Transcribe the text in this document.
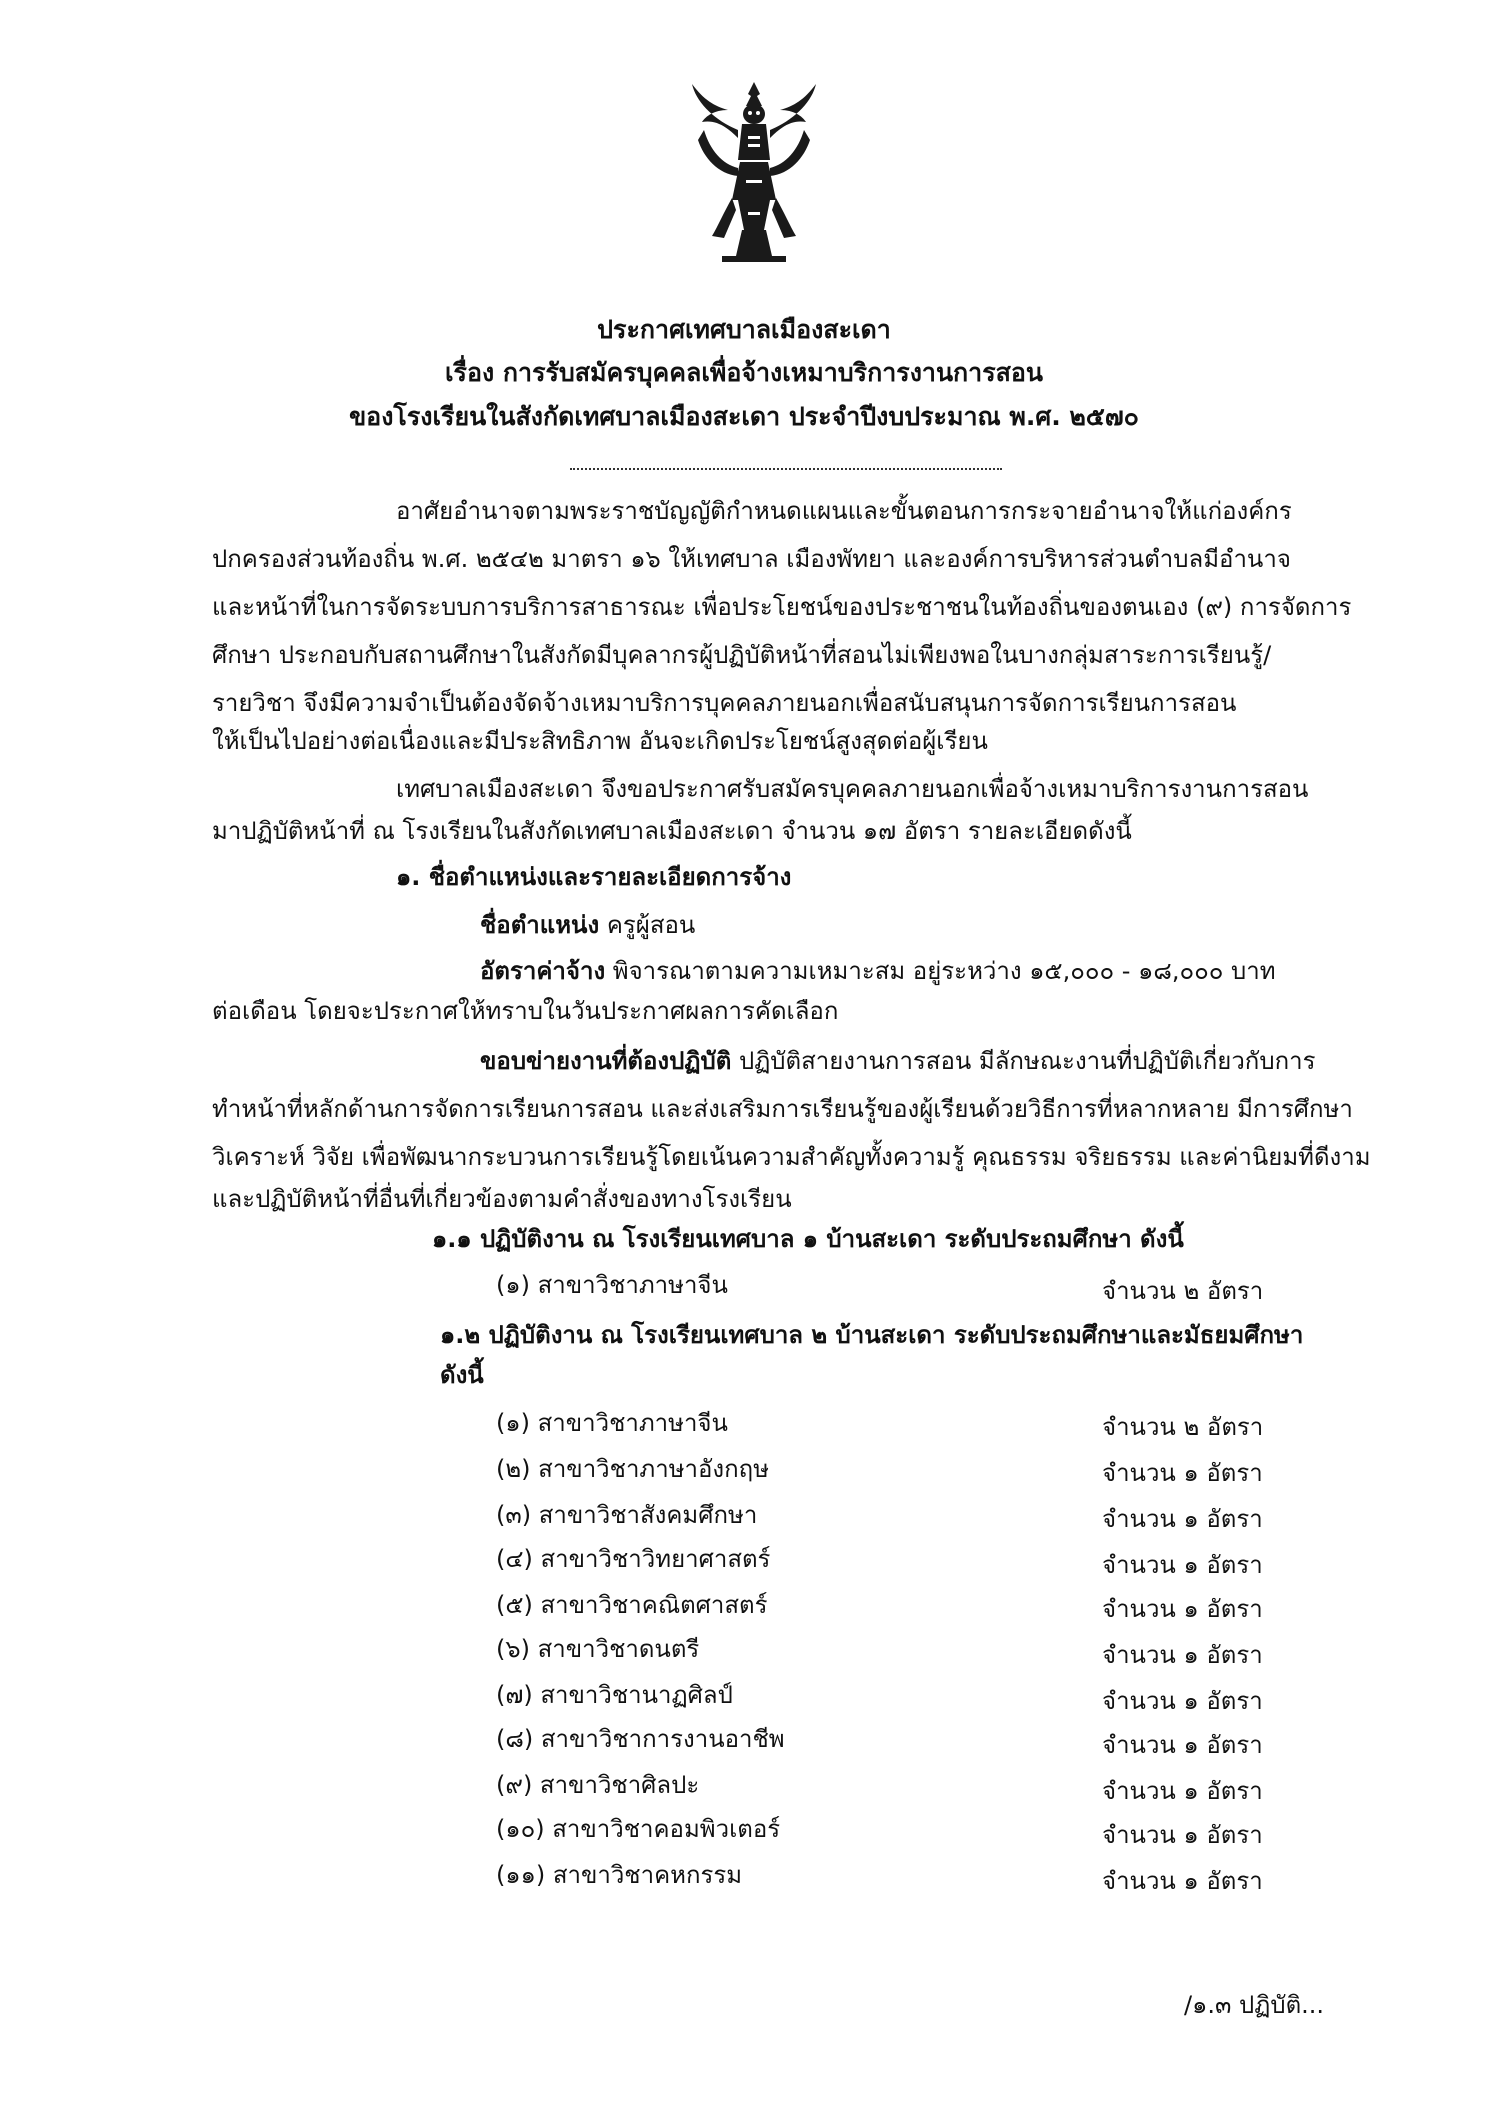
ประกาศเทศบาลเมืองสะเดา
เรื่อง การรับสมัครบุคคลเพื่อจ้างเหมาบริการงานการสอน
ของโรงเรียนในสังกัดเทศบาลเมืองสะเดา ประจำปีงบประมาณ พ.ศ. ๒๕๗๐
อาศัยอำนาจตามพระราชบัญญัติกำหนดแผนและขั้นตอนการกระจายอำนาจให้แก่องค์กร
ปกครองส่วนท้องถิ่น พ.ศ. ๒๕๔๒ มาตรา ๑๖ ให้เทศบาล เมืองพัทยา และองค์การบริหารส่วนตำบลมีอำนาจ
และหน้าที่ในการจัดระบบการบริการสาธารณะ เพื่อประโยชน์ของประชาชนในท้องถิ่นของตนเอง (๙) การจัดการ
ศึกษา ประกอบกับสถานศึกษาในสังกัดมีบุคลากรผู้ปฏิบัติหน้าที่สอนไม่เพียงพอในบางกลุ่มสาระการเรียนรู้/
รายวิชา จึงมีความจำเป็นต้องจัดจ้างเหมาบริการบุคคลภายนอกเพื่อสนับสนุนการจัดการเรียนการสอน
ให้เป็นไปอย่างต่อเนื่องและมีประสิทธิภาพ อันจะเกิดประโยชน์สูงสุดต่อผู้เรียน
เทศบาลเมืองสะเดา จึงขอประกาศรับสมัครบุคคลภายนอกเพื่อจ้างเหมาบริการงานการสอน
มาปฏิบัติหน้าที่ ณ โรงเรียนในสังกัดเทศบาลเมืองสะเดา จำนวน ๑๗ อัตรา รายละเอียดดังนี้
๑. ชื่อตำแหน่งและรายละเอียดการจ้าง
ชื่อตำแหน่ง ครูผู้สอน
อัตราค่าจ้าง พิจารณาตามความเหมาะสม อยู่ระหว่าง ๑๕,๐๐๐ - ๑๘,๐๐๐ บาท
ต่อเดือน โดยจะประกาศให้ทราบในวันประกาศผลการคัดเลือก
ขอบข่ายงานที่ต้องปฏิบัติ ปฏิบัติสายงานการสอน มีลักษณะงานที่ปฏิบัติเกี่ยวกับการ
ทำหน้าที่หลักด้านการจัดการเรียนการสอน และส่งเสริมการเรียนรู้ของผู้เรียนด้วยวิธีการที่หลากหลาย มีการศึกษา
วิเคราะห์ วิจัย เพื่อพัฒนากระบวนการเรียนรู้โดยเน้นความสำคัญทั้งความรู้ คุณธรรม จริยธรรม และค่านิยมที่ดีงาม
และปฏิบัติหน้าที่อื่นที่เกี่ยวข้องตามคำสั่งของทางโรงเรียน
๑.๑ ปฏิบัติงาน ณ โรงเรียนเทศบาล ๑ บ้านสะเดา ระดับประถมศึกษา ดังนี้
(๑) สาขาวิชาภาษาจีน	จำนวน ๒ อัตรา
๑.๒ ปฏิบัติงาน ณ โรงเรียนเทศบาล ๒ บ้านสะเดา ระดับประถมศึกษาและมัธยมศึกษา
ดังนี้
(๑) สาขาวิชาภาษาจีน	จำนวน ๒ อัตรา
(๒) สาขาวิชาภาษาอังกฤษ	จำนวน ๑ อัตรา
(๓) สาขาวิชาสังคมศึกษา	จำนวน ๑ อัตรา
(๔) สาขาวิชาวิทยาศาสตร์	จำนวน ๑ อัตรา
(๕) สาขาวิชาคณิตศาสตร์	จำนวน ๑ อัตรา
(๖) สาขาวิชาดนตรี	จำนวน ๑ อัตรา
(๗) สาขาวิชานาฏศิลป์	จำนวน ๑ อัตรา
(๘) สาขาวิชาการงานอาชีพ	จำนวน ๑ อัตรา
(๙) สาขาวิชาศิลปะ	จำนวน ๑ อัตรา
(๑๐) สาขาวิชาคอมพิวเตอร์	จำนวน ๑ อัตรา
(๑๑) สาขาวิชาคหกรรม	จำนวน ๑ อัตรา
/๑.๓ ปฏิบัติ...
